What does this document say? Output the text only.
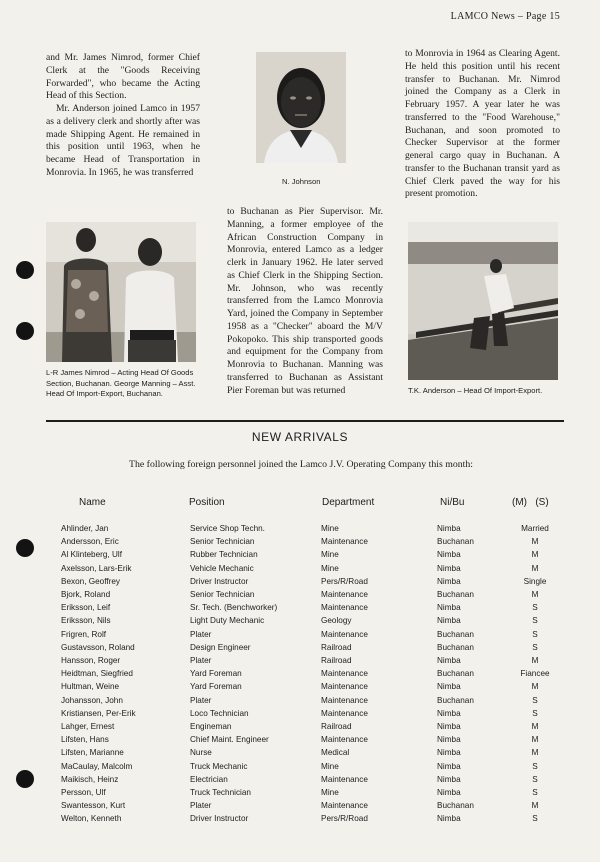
LAMCO News – Page 15

and Mr. James Nimrod, former Chief Clerk at the "Goods Receiving Forwarded", who became the Acting Head of this Section.

Mr. Anderson joined Lamco in 1957 as a delivery clerk and shortly after was made Shipping Agent. He remained in this position until 1963, when he became Head of Transportation in Monrovia. In 1965, he was transferred

N. Johnson

to Monrovia in 1964 as Clearing Agent. He held this position until his recent transfer to Buchanan. Mr. Nimrod joined the Company as a Clerk in February 1957. A year later he was transferred to the "Food Warehouse," Buchanan, and soon promoted to Checker Supervisor at the former general cargo quay in Buchanan. A transfer to the Buchanan transit yard as Chief Clerk paved the way for his present promotion.

L-R James Nimrod – Acting Head Of Goods Section, Buchanan. George Manning – Asst. Head Of Import-Export, Buchanan.

to Buchanan as Pier Supervisor. Mr. Manning, a former employee of the African Construction Company in Monrovia, entered Lamco as a ledger clerk in January 1962. He later served as Chief Clerk in the Shipping Section. Mr. Johnson, who was recently transferred from the Lamco Monrovia Yard, joined the Company in September 1958 as a "Checker" aboard the M/V Pokopoko. This ship transported goods and equipment for the Company from Monrovia to Buchanan. Manning was transferred to Buchanan as Assistant Pier Foreman but was returned	T.K. Anderson – Head Of Import-Export.
NEW ARRIVALS
The following foreign personnel joined the Lamco J.V. Operating Company this month:
Name	Position	Department	Ni/Bu	(M)   (S)
Ahlinder, Jan	Service Shop Techn.	Mine	Nimba	Married
Andersson, Eric	Senior Technician	Maintenance	Buchanan	M
Al Klinteberg, Ulf	Rubber Technician	Mine	Nimba	M
Axelsson, Lars-Erik	Vehicle Mechanic	Mine	Nimba	M
Bexon, Geoffrey	Driver Instructor	Pers/R/Road	Nimba	Single
Bjork, Roland	Senior Technician	Maintenance	Buchanan	M
Eriksson, Leif	Sr. Tech. (Benchworker)	Maintenance	Nimba	S
Eriksson, Nils	Light Duty Mechanic	Geology	Nimba	S
Frigren, Rolf	Plater	Maintenance	Buchanan	S
Gustavsson, Roland	Design Engineer	Railroad	Buchanan	S
Hansson, Roger	Plater	Railroad	Nimba	M
Heidtman, Siegfried	Yard Foreman	Maintenance	Buchanan	Fiancee
Hultman, Weine	Yard Foreman	Maintenance	Nimba	M
Johansson, John	Plater	Maintenance	Buchanan	S
Kristiansen, Per-Erik	Loco Technician	Maintenance	Nimba	S
Lahger, Ernest	Engineman	Railroad	Nimba	M
Lifsten, Hans	Chief Maint. Engineer	Maintenance	Nimba	M
Lifsten, Marianne	Nurse	Medical	Nimba	M
MaCaulay, Malcolm	Truck Mechanic	Mine	Nimba	S
Maikisch, Heinz	Electrician	Maintenance	Nimba	S
Persson, Ulf	Truck Technician	Mine	Nimba	S
Swantesson, Kurt	Plater	Maintenance	Buchanan	M
Welton, Kenneth	Driver Instructor	Pers/R/Road	Nimba	S
